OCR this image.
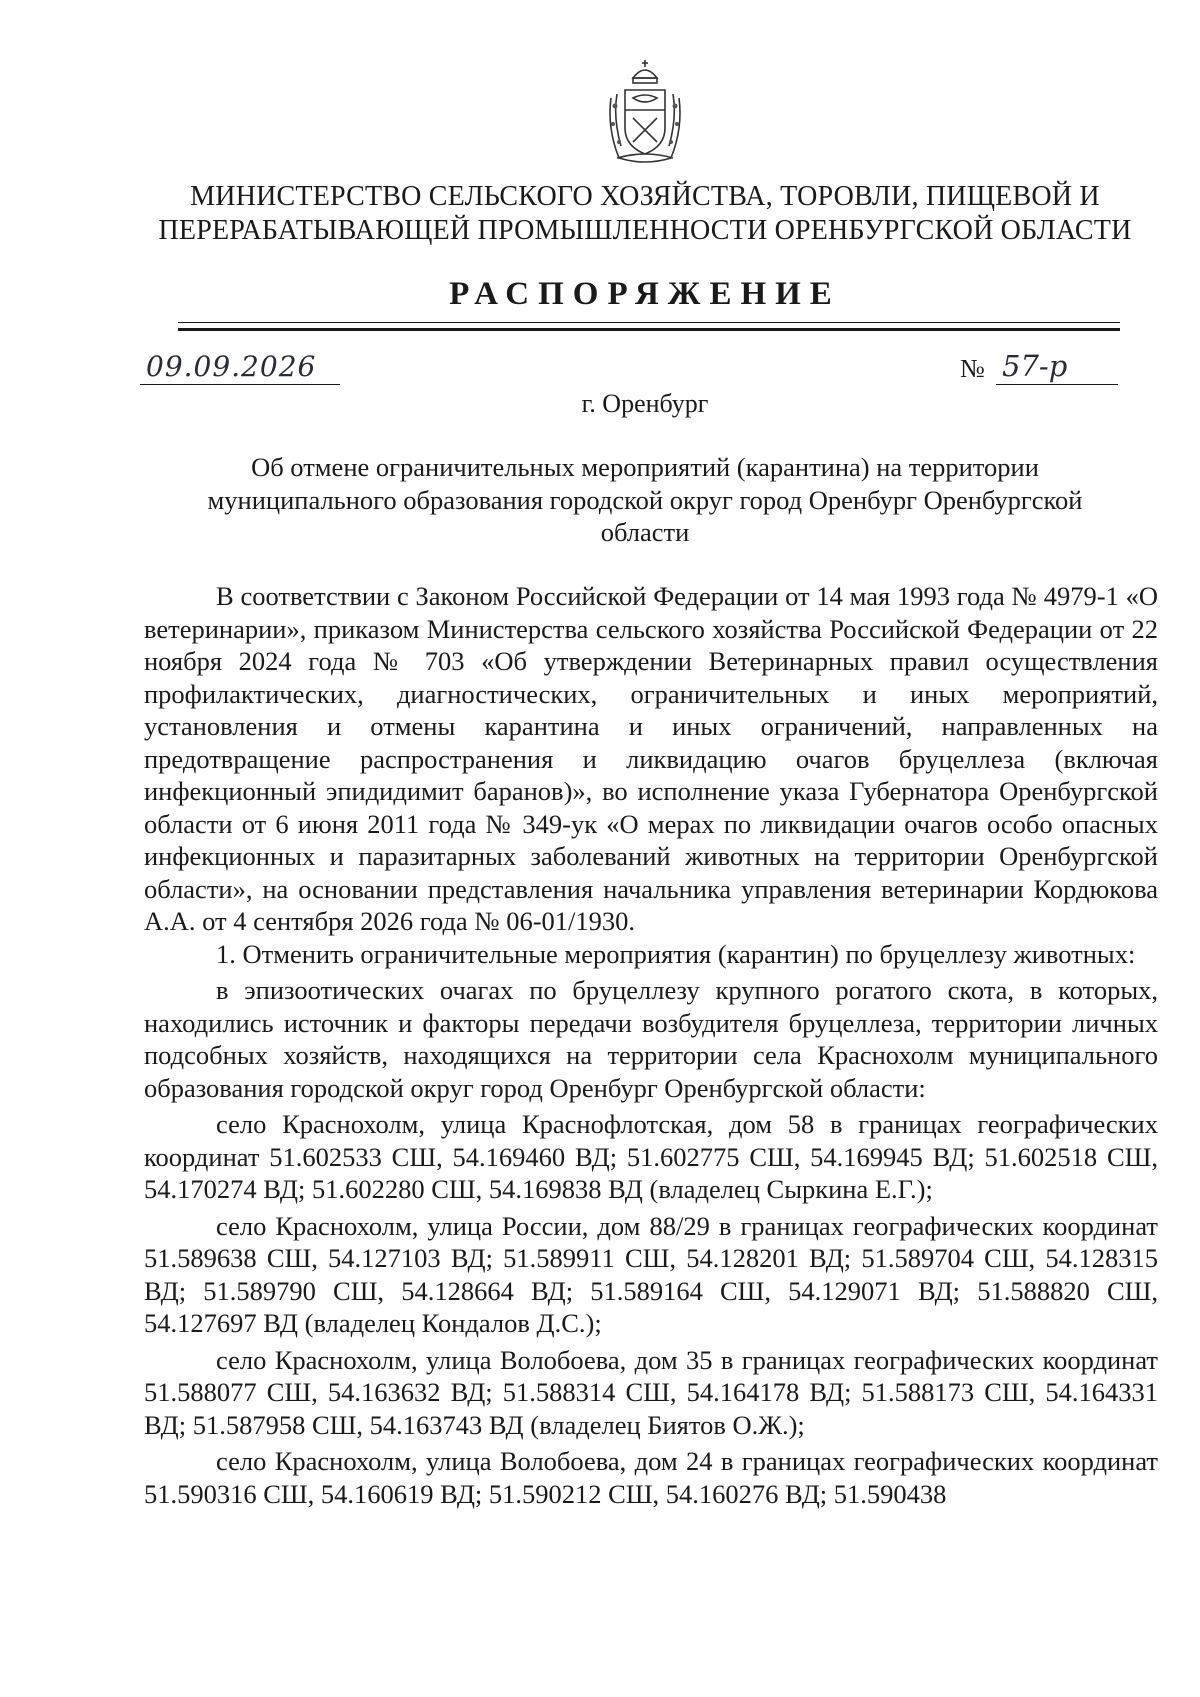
МИНИСТЕРСТВО СЕЛЬСКОГО ХОЗЯЙСТВА, ТОРОВЛИ, ПИЩЕВОЙ И
ПЕРЕРАБАТЫВАЮЩЕЙ ПРОМЫШЛЕННОСТИ ОРЕНБУРГСКОЙ ОБЛАСТИ
РАСПОРЯЖЕНИЕ
09.09.2026	№ 57-р
г. Оренбург
Об отмене ограничительных мероприятий (карантина) на территории
муниципального образования городской округ город Оренбург Оренбургской
области

В соответствии с Законом Российской Федерации от 14 мая 1993 года № 4979-1 «О ветеринарии», приказом Министерства сельского хозяйства Российской Федерации от 22 ноября 2024 года № 703 «Об утверждении Ветеринарных правил осуществления профилактических, диагностических, ограничительных и иных мероприятий, установления и отмены карантина и иных ограничений, направленных на предотвращение распространения и ликвидацию очагов бруцеллеза (включая инфекционный эпидидимит баранов)», во исполнение указа Губернатора Оренбургской области от 6 июня 2011 года № 349-ук «О мерах по ликвидации очагов особо опасных инфекционных и паразитарных заболеваний животных на территории Оренбургской области», на основании представления начальника управления ветеринарии Кордюкова А.А. от 4 сентября 2026 года № 06-01/1930.

1. Отменить ограничительные мероприятия (карантин) по бруцеллезу животных:

в эпизоотических очагах по бруцеллезу крупного рогатого скота, в которых, находились источник и факторы передачи возбудителя бруцеллеза, территории личных подсобных хозяйств, находящихся на территории села Краснохолм муниципального образования городской округ город Оренбург Оренбургской области:

село Краснохолм, улица Краснофлотская, дом 58 в границах географических координат 51.602533 СШ, 54.169460 ВД; 51.602775 СШ, 54.169945 ВД; 51.602518 СШ, 54.170274 ВД; 51.602280 СШ, 54.169838 ВД (владелец Сыркина Е.Г.);

село Краснохолм, улица России, дом 88/29 в границах географических координат 51.589638 СШ, 54.127103 ВД; 51.589911 СШ, 54.128201 ВД; 51.589704 СШ, 54.128315 ВД; 51.589790 СШ, 54.128664 ВД; 51.589164 СШ, 54.129071 ВД; 51.588820 СШ, 54.127697 ВД (владелец Кондалов Д.С.);

село Краснохолм, улица Волобоева, дом 35 в границах географических координат 51.588077 СШ, 54.163632 ВД; 51.588314 СШ, 54.164178 ВД; 51.588173 СШ, 54.164331 ВД; 51.587958 СШ, 54.163743 ВД (владелец Биятов О.Ж.);

село Краснохолм, улица Волобоева, дом 24 в границах географических координат 51.590316 СШ, 54.160619 ВД; 51.590212 СШ, 54.160276 ВД; 51.590438
